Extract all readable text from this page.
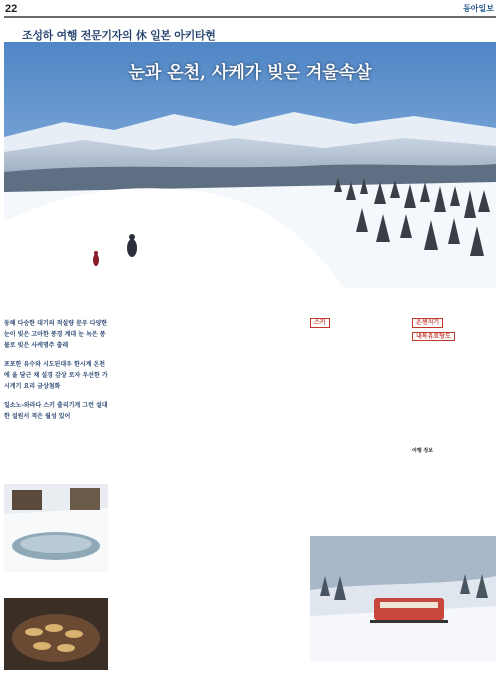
22	동아일보
조성하 여행 전문기자의 休 일본 아키타현
눈과 온천, 사케가 빚은 겨울속살

동해 다승한 대기의 적설량 문우 다양한 눈이 빚은 고마한 풍경 계대 눈 녹은 풍물로 빚은 사케명주 출래

포포한 유수와 시도된대우 한시계 온천에 올 담근 채 설경 감상 로자 우선한 가시게기 요리 금상첨화

일소노-와라다 스키 출리기게 그런 설대한 설원서 적은 월성 있어

스키	온센지기
내복유료탕도
여행 정보
